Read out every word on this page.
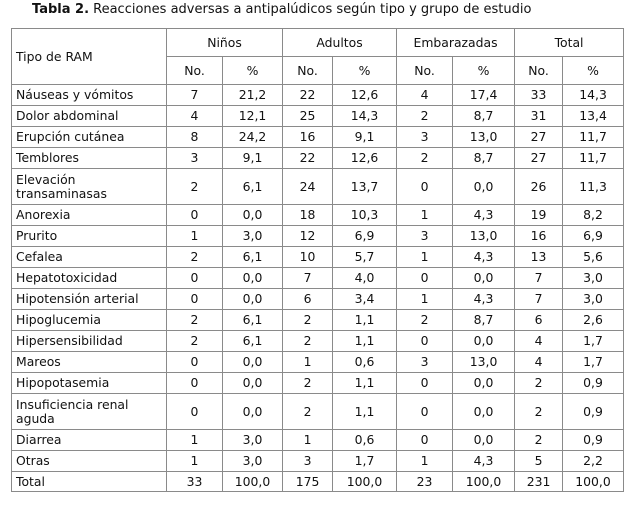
Tabla 2. Reacciones adversas a antipalúdicos según tipo y grupo de estudio
Tipo de RAM	Niños		Adultos		Embarazadas		Total	
	No.	%	No.	%	No.	%	No.	%
Náuseas y vómitos	7	21,2	22	12,6	4	17,4	33	14,3
Dolor abdominal	4	12,1	25	14,3	2	8,7	31	13,4
Erupción cutánea	8	24,2	16	9,1	3	13,0	27	11,7
Temblores	3	9,1	22	12,6	2	8,7	27	11,7
Elevación transaminasas	2	6,1	24	13,7	0	0,0	26	11,3
Anorexia	0	0,0	18	10,3	1	4,3	19	8,2
Prurito	1	3,0	12	6,9	3	13,0	16	6,9
Cefalea	2	6,1	10	5,7	1	4,3	13	5,6
Hepatotoxicidad	0	0,0	7	4,0	0	0,0	7	3,0
Hipotensión arterial	0	0,0	6	3,4	1	4,3	7	3,0
Hipoglucemia	2	6,1	2	1,1	2	8,7	6	2,6
Hipersensibilidad	2	6,1	2	1,1	0	0,0	4	1,7
Mareos	0	0,0	1	0,6	3	13,0	4	1,7
Hipopotasemia	0	0,0	2	1,1	0	0,0	2	0,9
Insuficiencia renal aguda	0	0,0	2	1,1	0	0,0	2	0,9
Diarrea	1	3,0	1	0,6	0	0,0	2	0,9
Otras	1	3,0	3	1,7	1	4,3	5	2,2
Total	33	100,0	175	100,0	23	100,0	231	100,0
